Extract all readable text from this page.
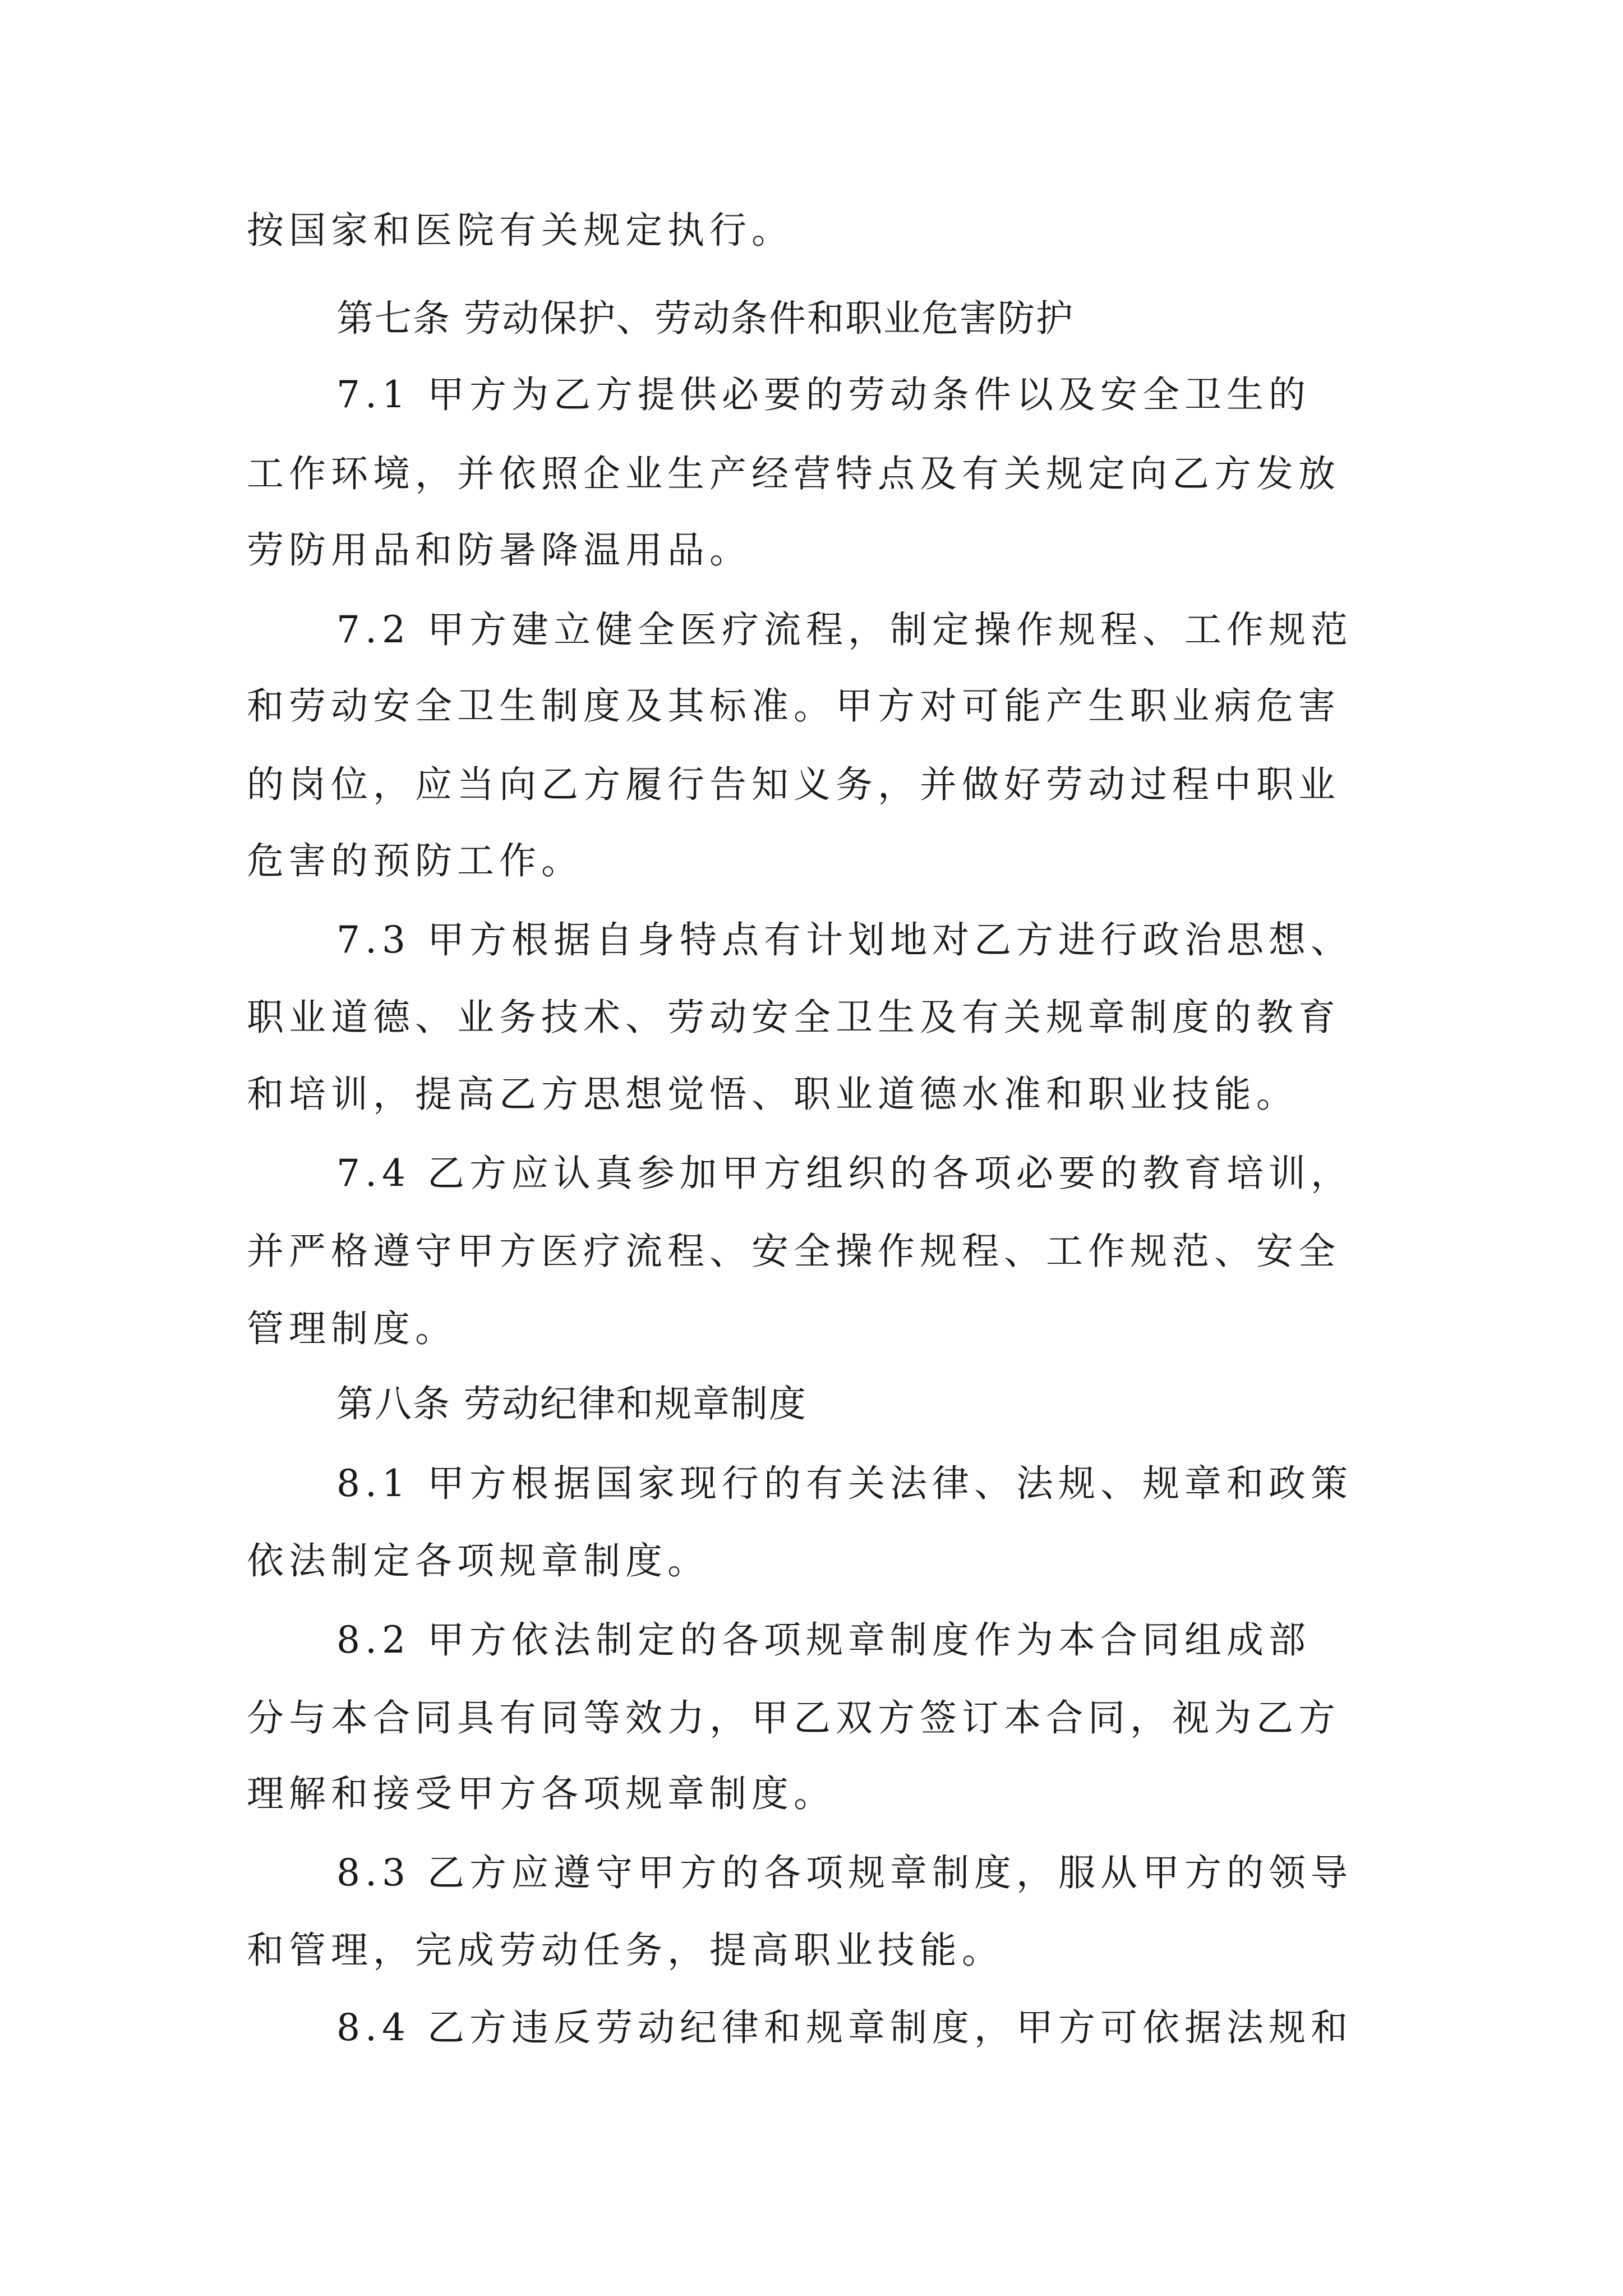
按国家和医院有关规定执行。
第七条 劳动保护、劳动条件和职业危害防护
7.1 甲方为乙方提供必要的劳动条件以及安全卫生的
工作环境，并依照企业生产经营特点及有关规定向乙方发放
劳防用品和防暑降温用品。
7.2 甲方建立健全医疗流程，制定操作规程、工作规范
和劳动安全卫生制度及其标准。甲方对可能产生职业病危害
的岗位，应当向乙方履行告知义务，并做好劳动过程中职业
危害的预防工作。
7.3 甲方根据自身特点有计划地对乙方进行政治思想、
职业道德、业务技术、劳动安全卫生及有关规章制度的教育
和培训，提高乙方思想觉悟、职业道德水准和职业技能。
7.4 乙方应认真参加甲方组织的各项必要的教育培训，
并严格遵守甲方医疗流程、安全操作规程、工作规范、安全
管理制度。
第八条 劳动纪律和规章制度
8.1 甲方根据国家现行的有关法律、法规、规章和政策
依法制定各项规章制度。
8.2 甲方依法制定的各项规章制度作为本合同组成部
分与本合同具有同等效力，甲乙双方签订本合同，视为乙方
理解和接受甲方各项规章制度。
8.3 乙方应遵守甲方的各项规章制度，服从甲方的领导
和管理，完成劳动任务，提高职业技能。
8.4 乙方违反劳动纪律和规章制度，甲方可依据法规和
